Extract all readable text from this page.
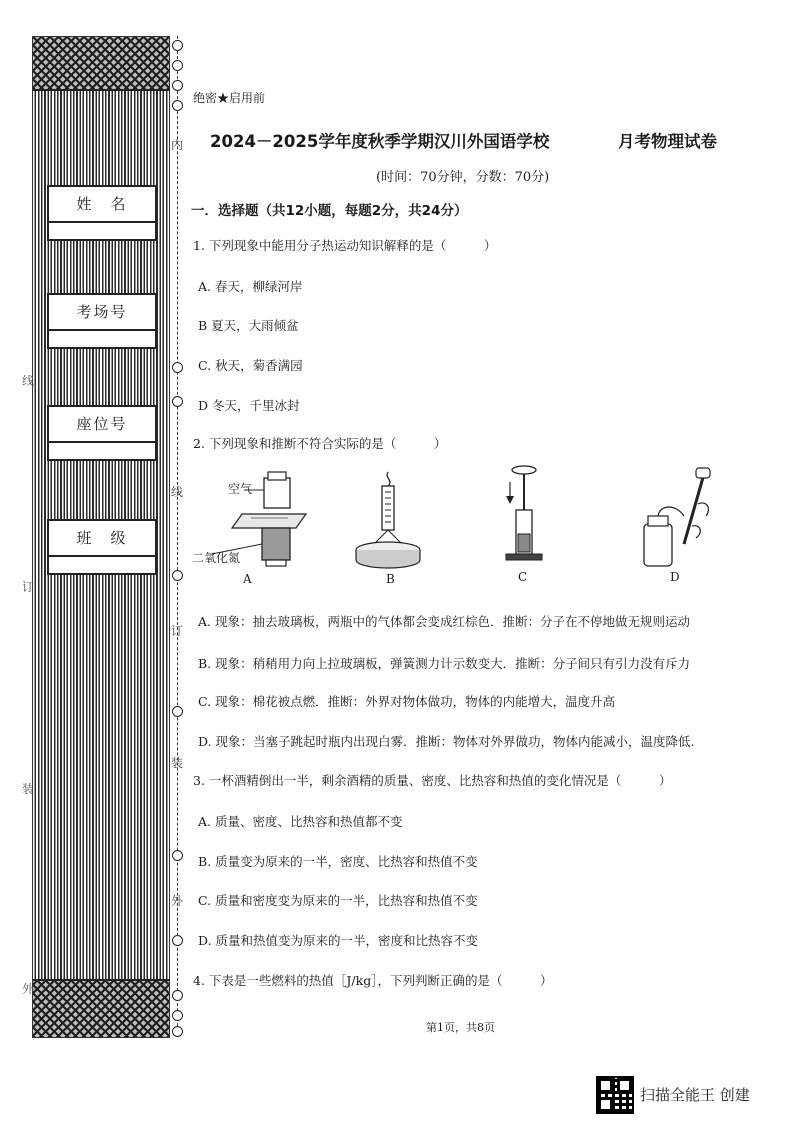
姓　名
考场号
座位号
班　级
内
线
订
装
外
线
订
装
外
绝密★启用前
2024－2025学年度秋季学期汉川外国语学校	月考物理试卷
(时间：70分钟，分数：70分)
一．选择题（共12小题，每题2分，共24分）
1. 下列现象中能用分子热运动知识解释的是（　　　）
A. 春天，柳绿河岸
B 夏天，大雨倾盆
C. 秋天，菊香满园
D 冬天，千里冰封
2. 下列现象和推断不符合实际的是（　　　）
空气
二氧化氮
A	B	C	D
A. 现象：抽去玻璃板，两瓶中的气体都会变成红棕色．推断：分子在不停地做无规则运动
B. 现象：稍稍用力向上拉玻璃板，弹簧测力计示数变大．推断：分子间只有引力没有斥力
C. 现象：棉花被点燃．推断：外界对物体做功，物体的内能增大，温度升高
D. 现象：当塞子跳起时瓶内出现白雾．推断：物体对外界做功，物体内能减小，温度降低.
3. 一杯酒精倒出一半，剩余酒精的质量、密度、比热容和热值的变化情况是（　　　）
A. 质量、密度、比热容和热值都不变
B. 质量变为原来的一半，密度、比热容和热值不变
C. 质量和密度变为原来的一半，比热容和热值不变
D. 质量和热值变为原来的一半，密度和比热容不变
4. 下表是一些燃料的热值［J/kg］，下列判断正确的是（　　　）
第1页，共8页
扫描全能王 创建
